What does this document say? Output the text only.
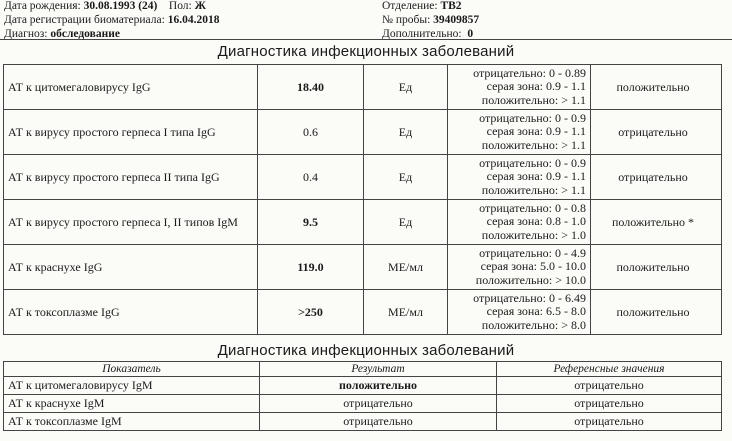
Дата рождения: 30.08.1993 (24) Пол: Ж
Дата регистрации биоматериала: 16.04.2018
Диагноз: обследование
Отделение: ТВ2
№ пробы: 39409857
Дополнительно: 0
Диагностика инфекционных заболеваний
АТ к цитомегаловирусу IgG	18.40	Ед	отрицательно: 0 - 0.89
серая зона: 0.9 - 1.1
положительно: > 1.1	положительно
АТ к вирусу простого герпеса I типа IgG	0.6	Ед	отрицательно: 0 - 0.9
серая зона: 0.9 - 1.1
положительно: > 1.1	отрицательно
АТ к вирусу простого герпеса II типа IgG	0.4	Ед	отрицательно: 0 - 0.9
серая зона: 0.9 - 1.1
положительно: > 1.1	отрицательно
АТ к вирусу простого герпеса I, II типов IgM	9.5	Ед	отрицательно: 0 - 0.8
серая зона: 0.8 - 1.0
положительно: > 1.0	положительно *
АТ к краснухе IgG	119.0	МЕ/мл	отрицательно: 0 - 4.9
серая зона: 5.0 - 10.0
положительно: > 10.0	положительно
АТ к токсоплазме IgG	>250	МЕ/мл	отрицательно: 0 - 6.49
серая зона: 6.5 - 8.0
положительно: > 8.0	положительно
Диагностика инфекционных заболеваний
Показатель	Результат	Референсные значения
АТ к цитомегаловирусу IgM	положительно	отрицательно
АТ к краснухе IgM	отрицательно	отрицательно
АТ к токсоплазме IgM	отрицательно	отрицательно
